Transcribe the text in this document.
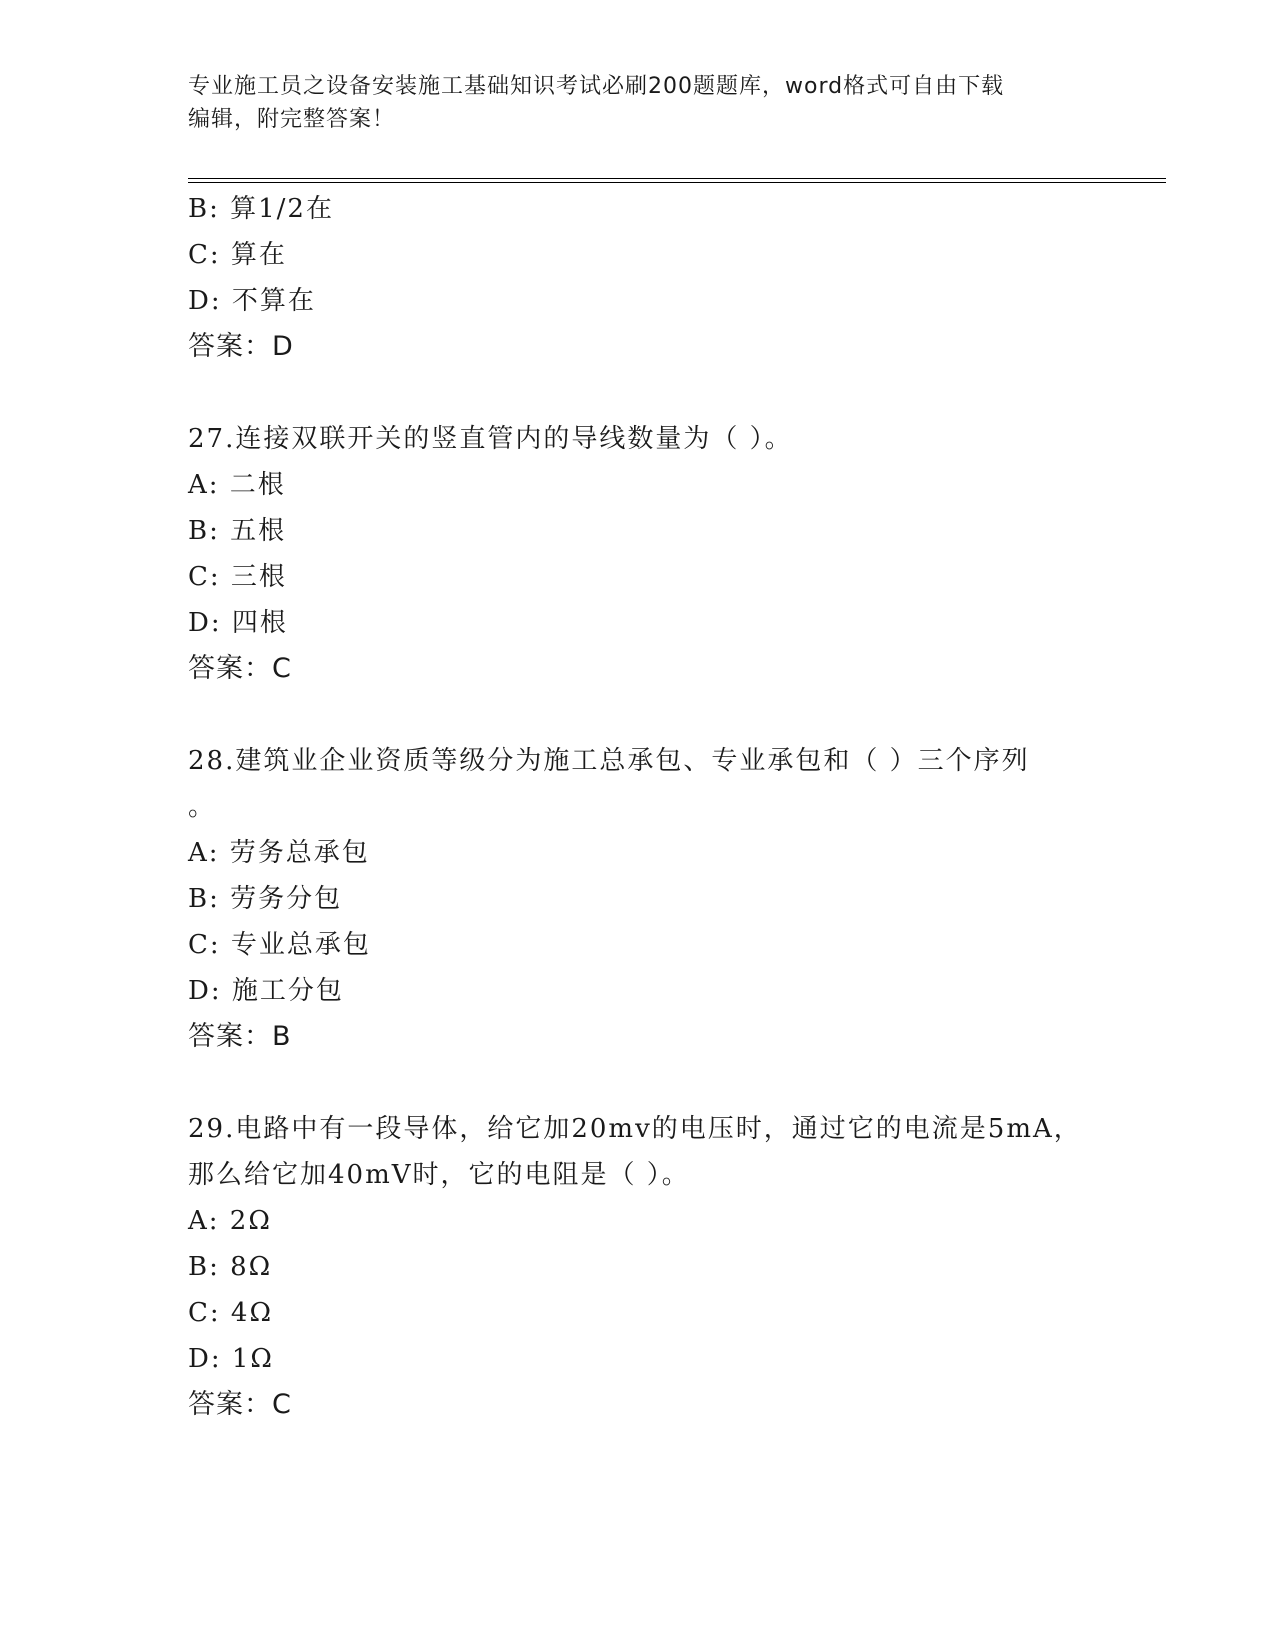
专业施工员之设备安装施工基础知识考试必刷200题题库，word格式可自由下载
编辑，附完整答案！
B: 算1/2在
C: 算在
D: 不算在
答案：D
27.连接双联开关的竖直管内的导线数量为（ ）。
A: 二根
B: 五根
C: 三根
D: 四根
答案：C
28.建筑业企业资质等级分为施工总承包、专业承包和（ ）三个序列
。
A: 劳务总承包
B: 劳务分包
C: 专业总承包
D: 施工分包
答案：B
29.电路中有一段导体，给它加20mv的电压时，通过它的电流是5mA，
那么给它加40mV时，它的电阻是（ ）。
A: 2Ω
B: 8Ω
C: 4Ω
D: 1Ω
答案：C
